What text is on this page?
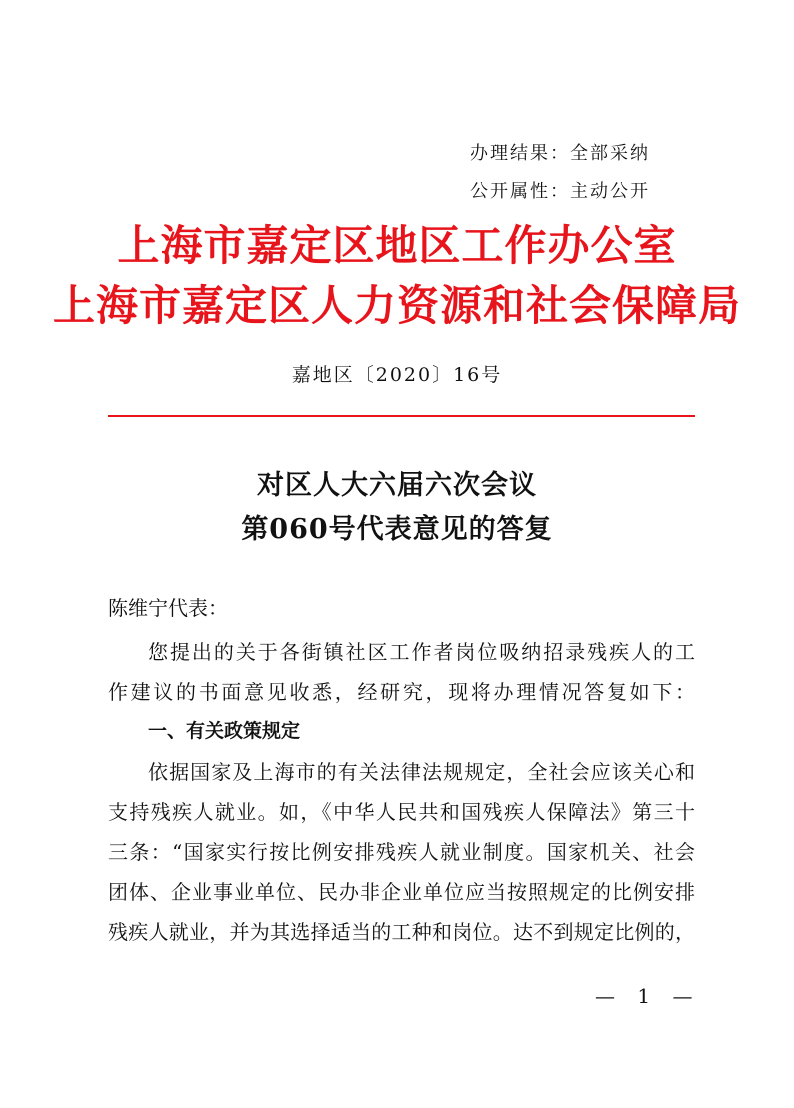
办理结果：全部采纳
公开属性：主动公开
上海市嘉定区地区工作办公室
上海市嘉定区人力资源和社会保障局
嘉地区〔2020〕16号
对区人大六届六次会议
第060号代表意见的答复
陈维宁代表：
您提出的关于各街镇社区工作者岗位吸纳招录残疾人的工
作建议的书面意见收悉，经研究，现将办理情况答复如下：
一、有关政策规定
依据国家及上海市的有关法律法规规定，全社会应该关心和
支持残疾人就业。如，《中华人民共和国残疾人保障法》第三十
三条：“国家实行按比例安排残疾人就业制度。国家机关、社会
团体、企业事业单位、民办非企业单位应当按照规定的比例安排
残疾人就业，并为其选择适当的工种和岗位。达不到规定比例的，
— 1 —
